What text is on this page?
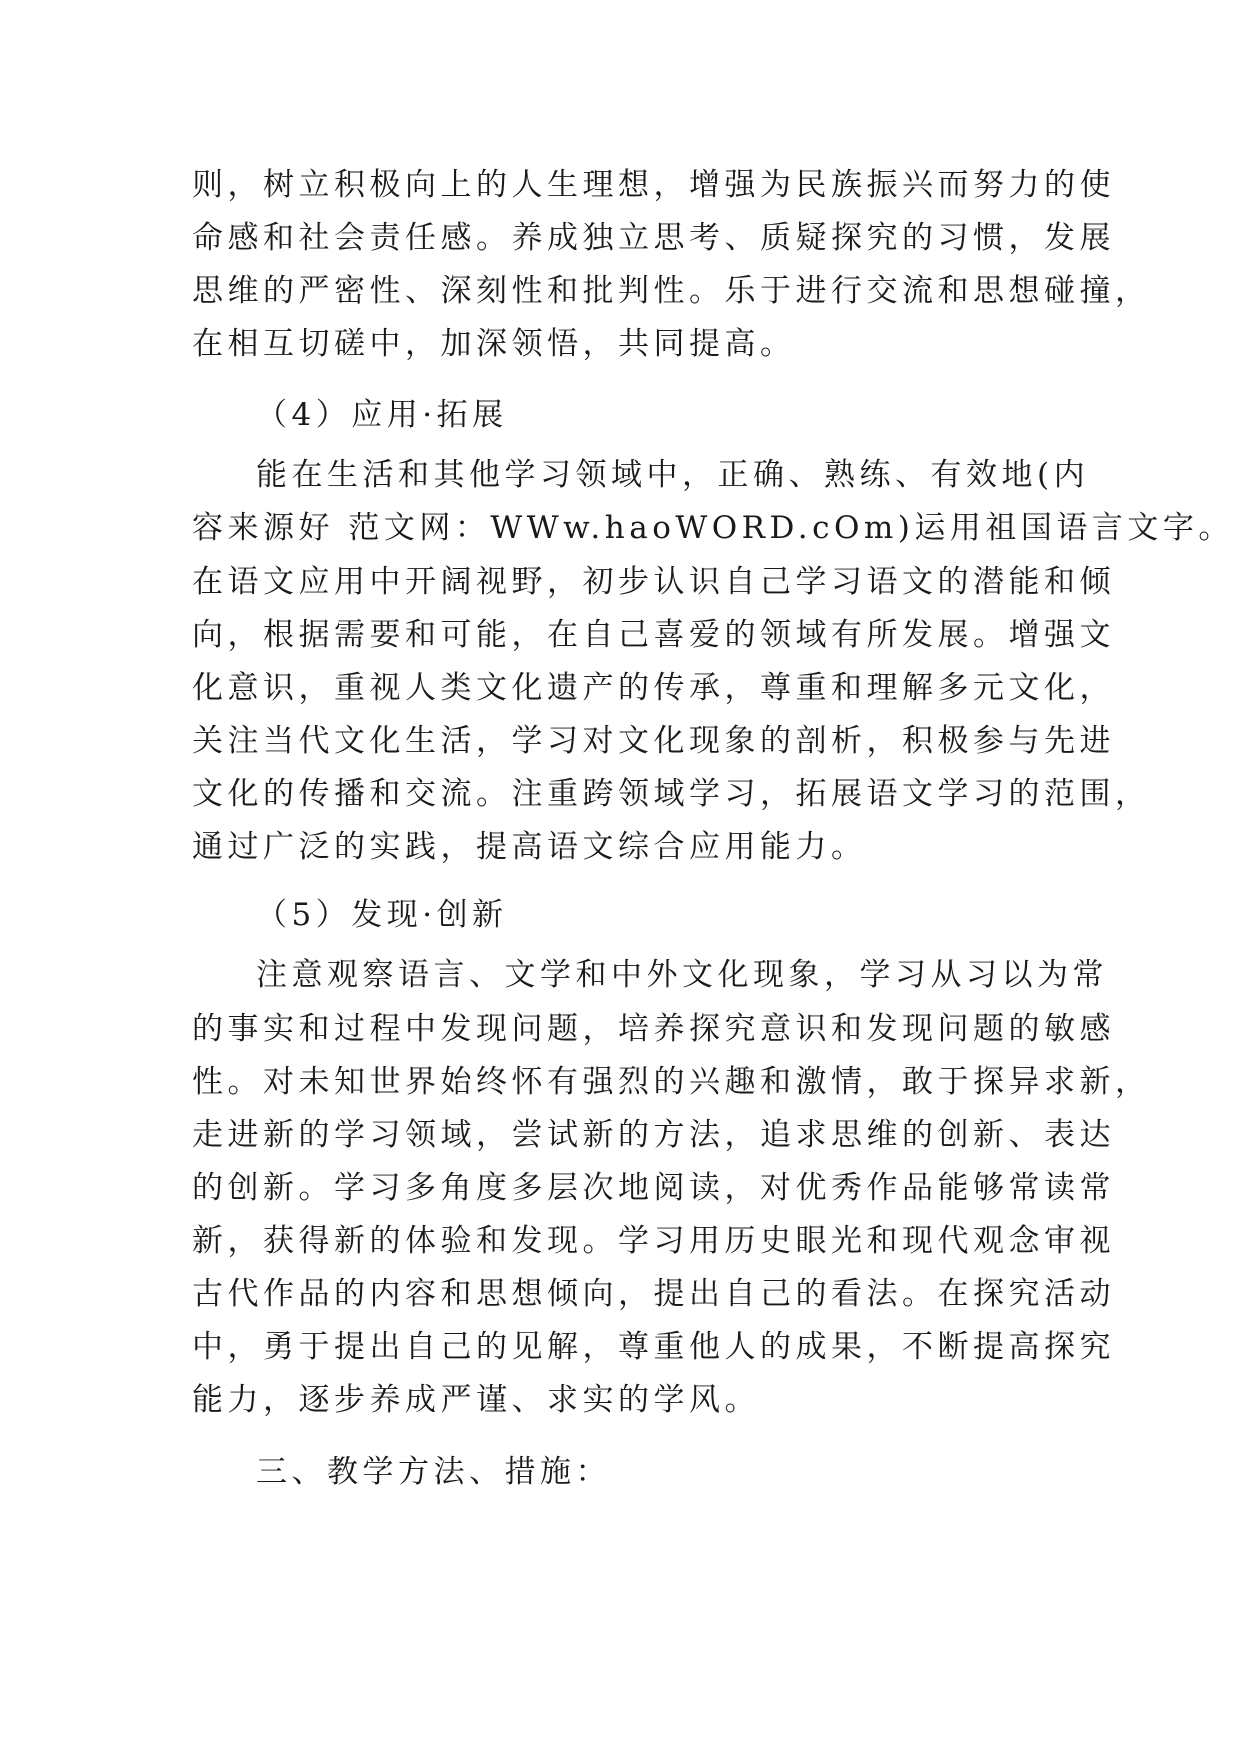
则，树立积极向上的人生理想，增强为民族振兴而努力的使
命感和社会责任感。养成独立思考、质疑探究的习惯，发展
思维的严密性、深刻性和批判性。乐于进行交流和思想碰撞，
在相互切磋中，加深领悟，共同提高。
（4）应用·拓展
能在生活和其他学习领域中，正确、熟练、有效地(内
容来源好 范文网：WWw.haoWORD.cOm)运用祖国语言文字。
在语文应用中开阔视野，初步认识自己学习语文的潜能和倾
向，根据需要和可能，在自己喜爱的领域有所发展。增强文
化意识，重视人类文化遗产的传承，尊重和理解多元文化，
关注当代文化生活，学习对文化现象的剖析，积极参与先进
文化的传播和交流。注重跨领域学习，拓展语文学习的范围，
通过广泛的实践，提高语文综合应用能力。
（5）发现·创新
注意观察语言、文学和中外文化现象，学习从习以为常
的事实和过程中发现问题，培养探究意识和发现问题的敏感
性。对未知世界始终怀有强烈的兴趣和激情，敢于探异求新，
走进新的学习领域，尝试新的方法，追求思维的创新、表达
的创新。学习多角度多层次地阅读，对优秀作品能够常读常
新，获得新的体验和发现。学习用历史眼光和现代观念审视
古代作品的内容和思想倾向，提出自己的看法。在探究活动
中，勇于提出自己的见解，尊重他人的成果，不断提高探究
能力，逐步养成严谨、求实的学风。
三、教学方法、措施：
